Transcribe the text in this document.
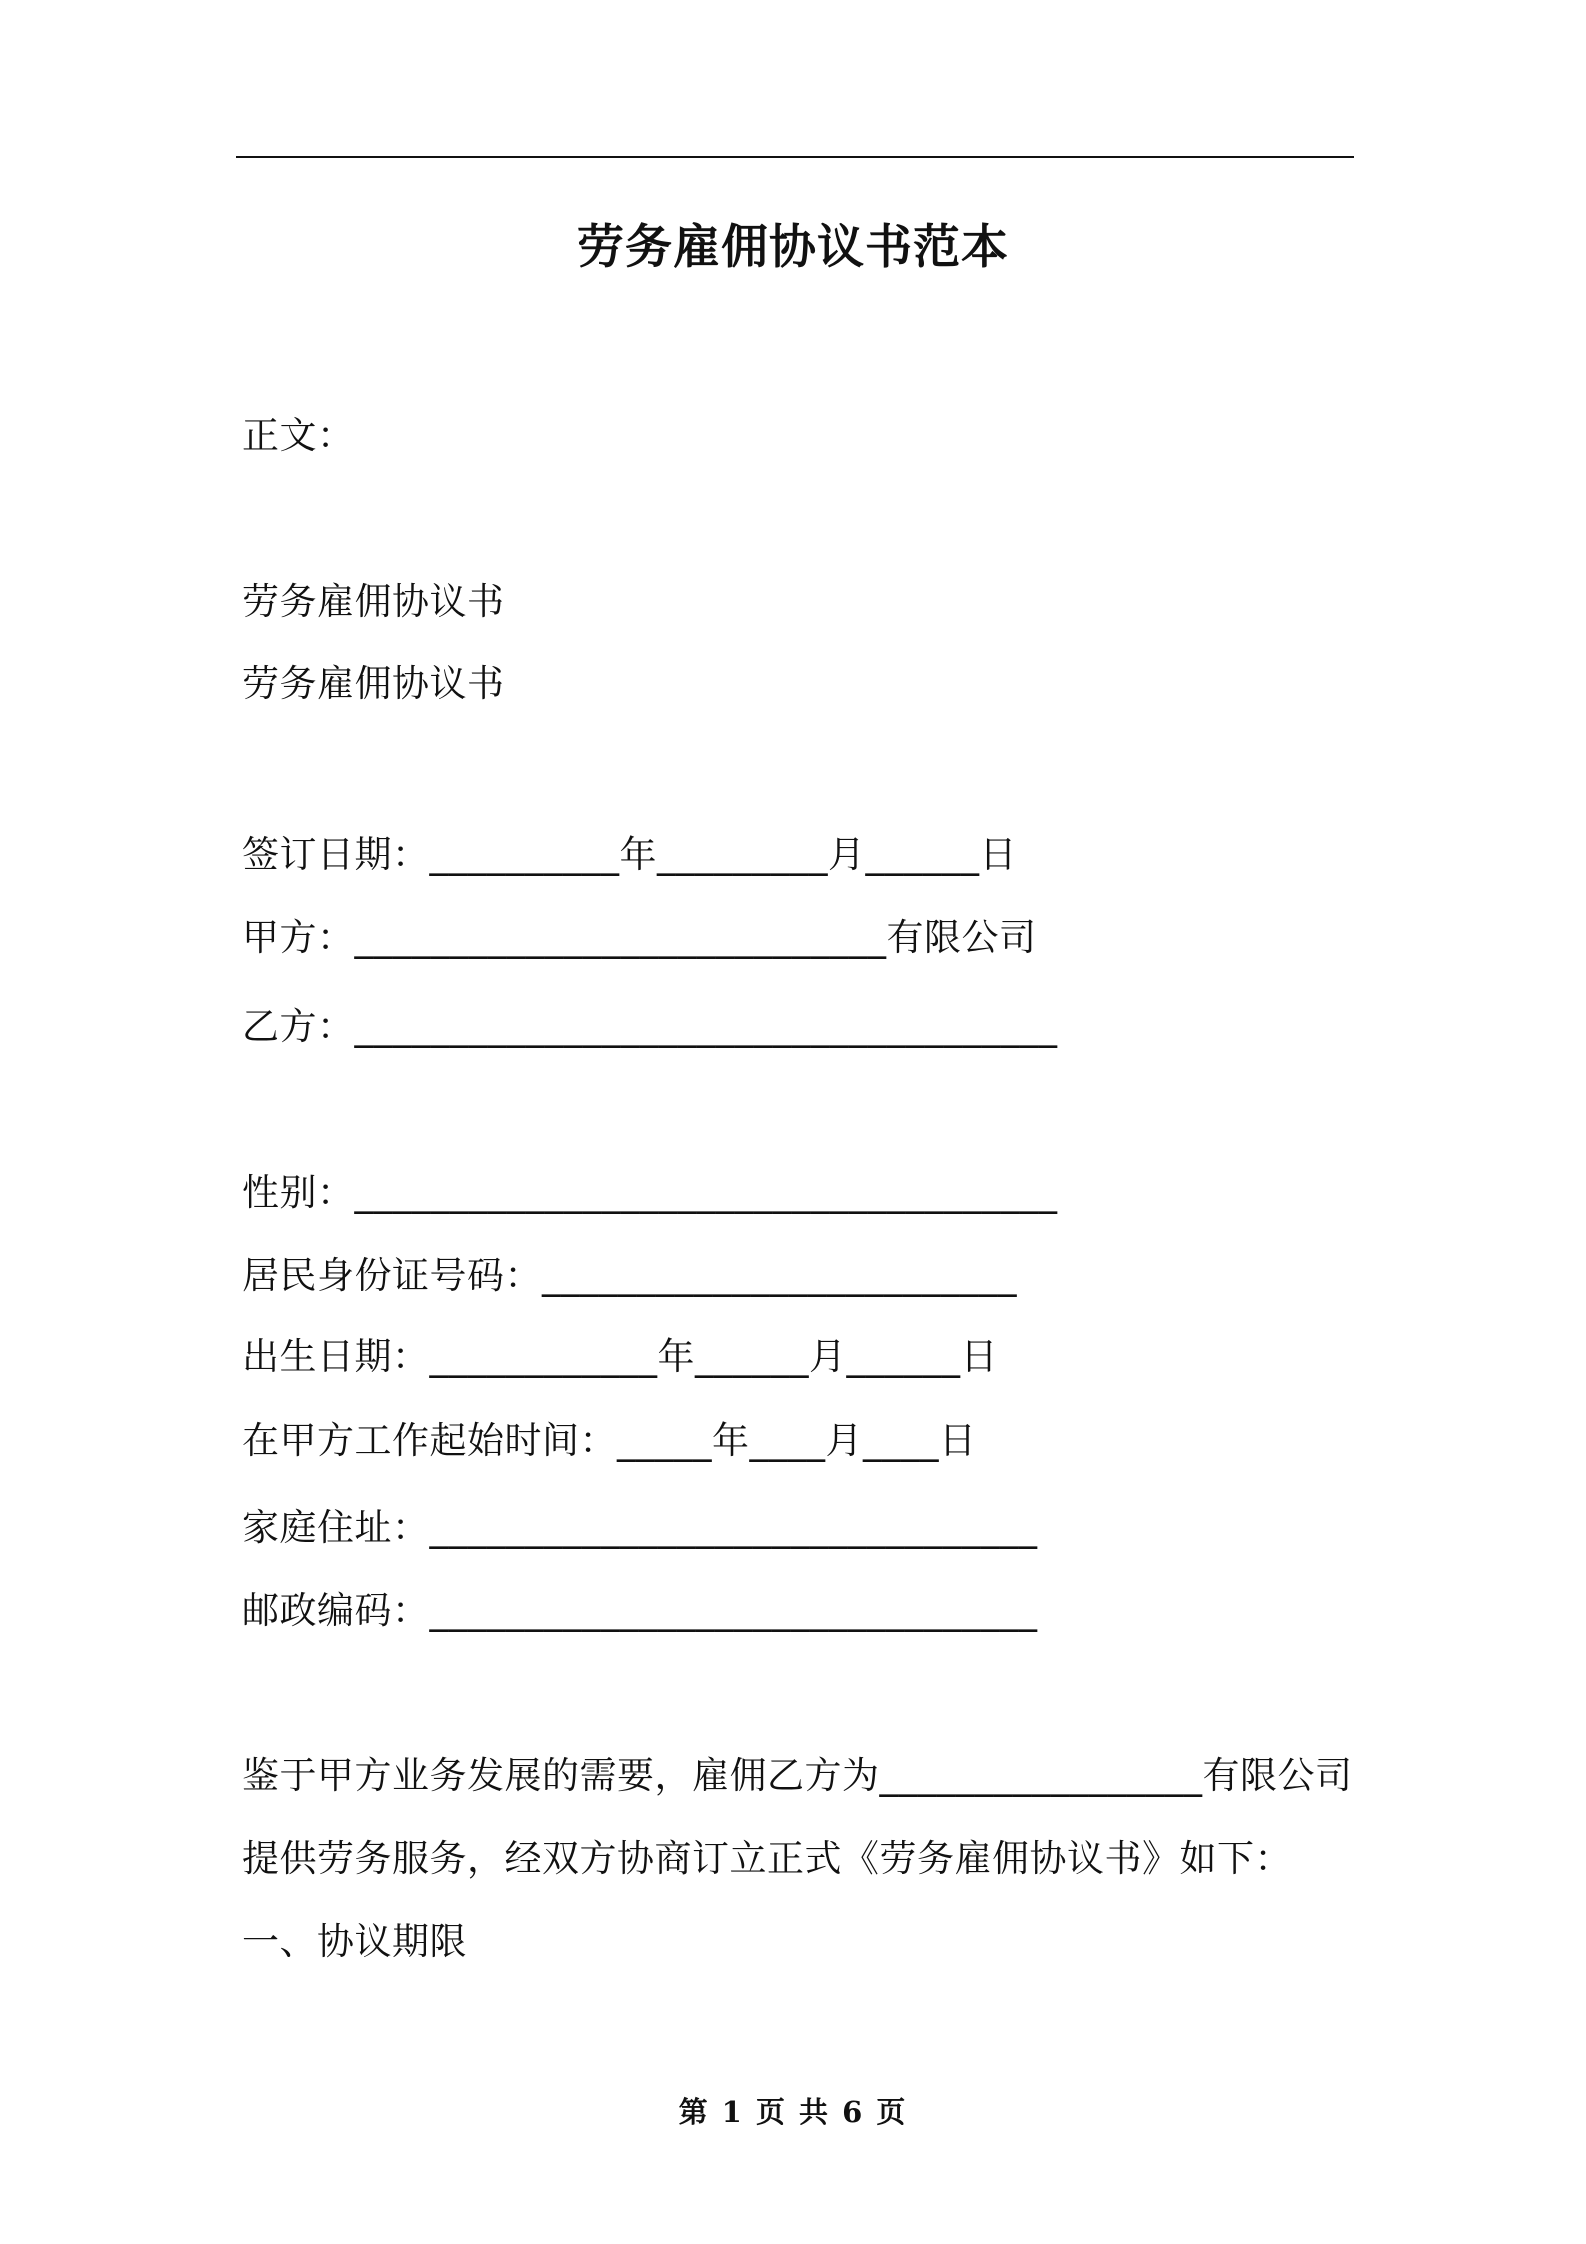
劳务雇佣协议书范本
正文：
劳务雇佣协议书
劳务雇佣协议书
签订日期：__________年_________月______日
甲方：____________________________有限公司
乙方：_____________________________________
性别：_____________________________________
居民身份证号码：_________________________
出生日期：____________年______月______日
在甲方工作起始时间：_____年____月____日
家庭住址：________________________________
邮政编码：________________________________
鉴于甲方业务发展的需要，雇佣乙方为_________________有限公司
提供劳务服务，经双方协商订立正式《劳务雇佣协议书》如下：
一、协议期限
第 1 页 共 6 页
